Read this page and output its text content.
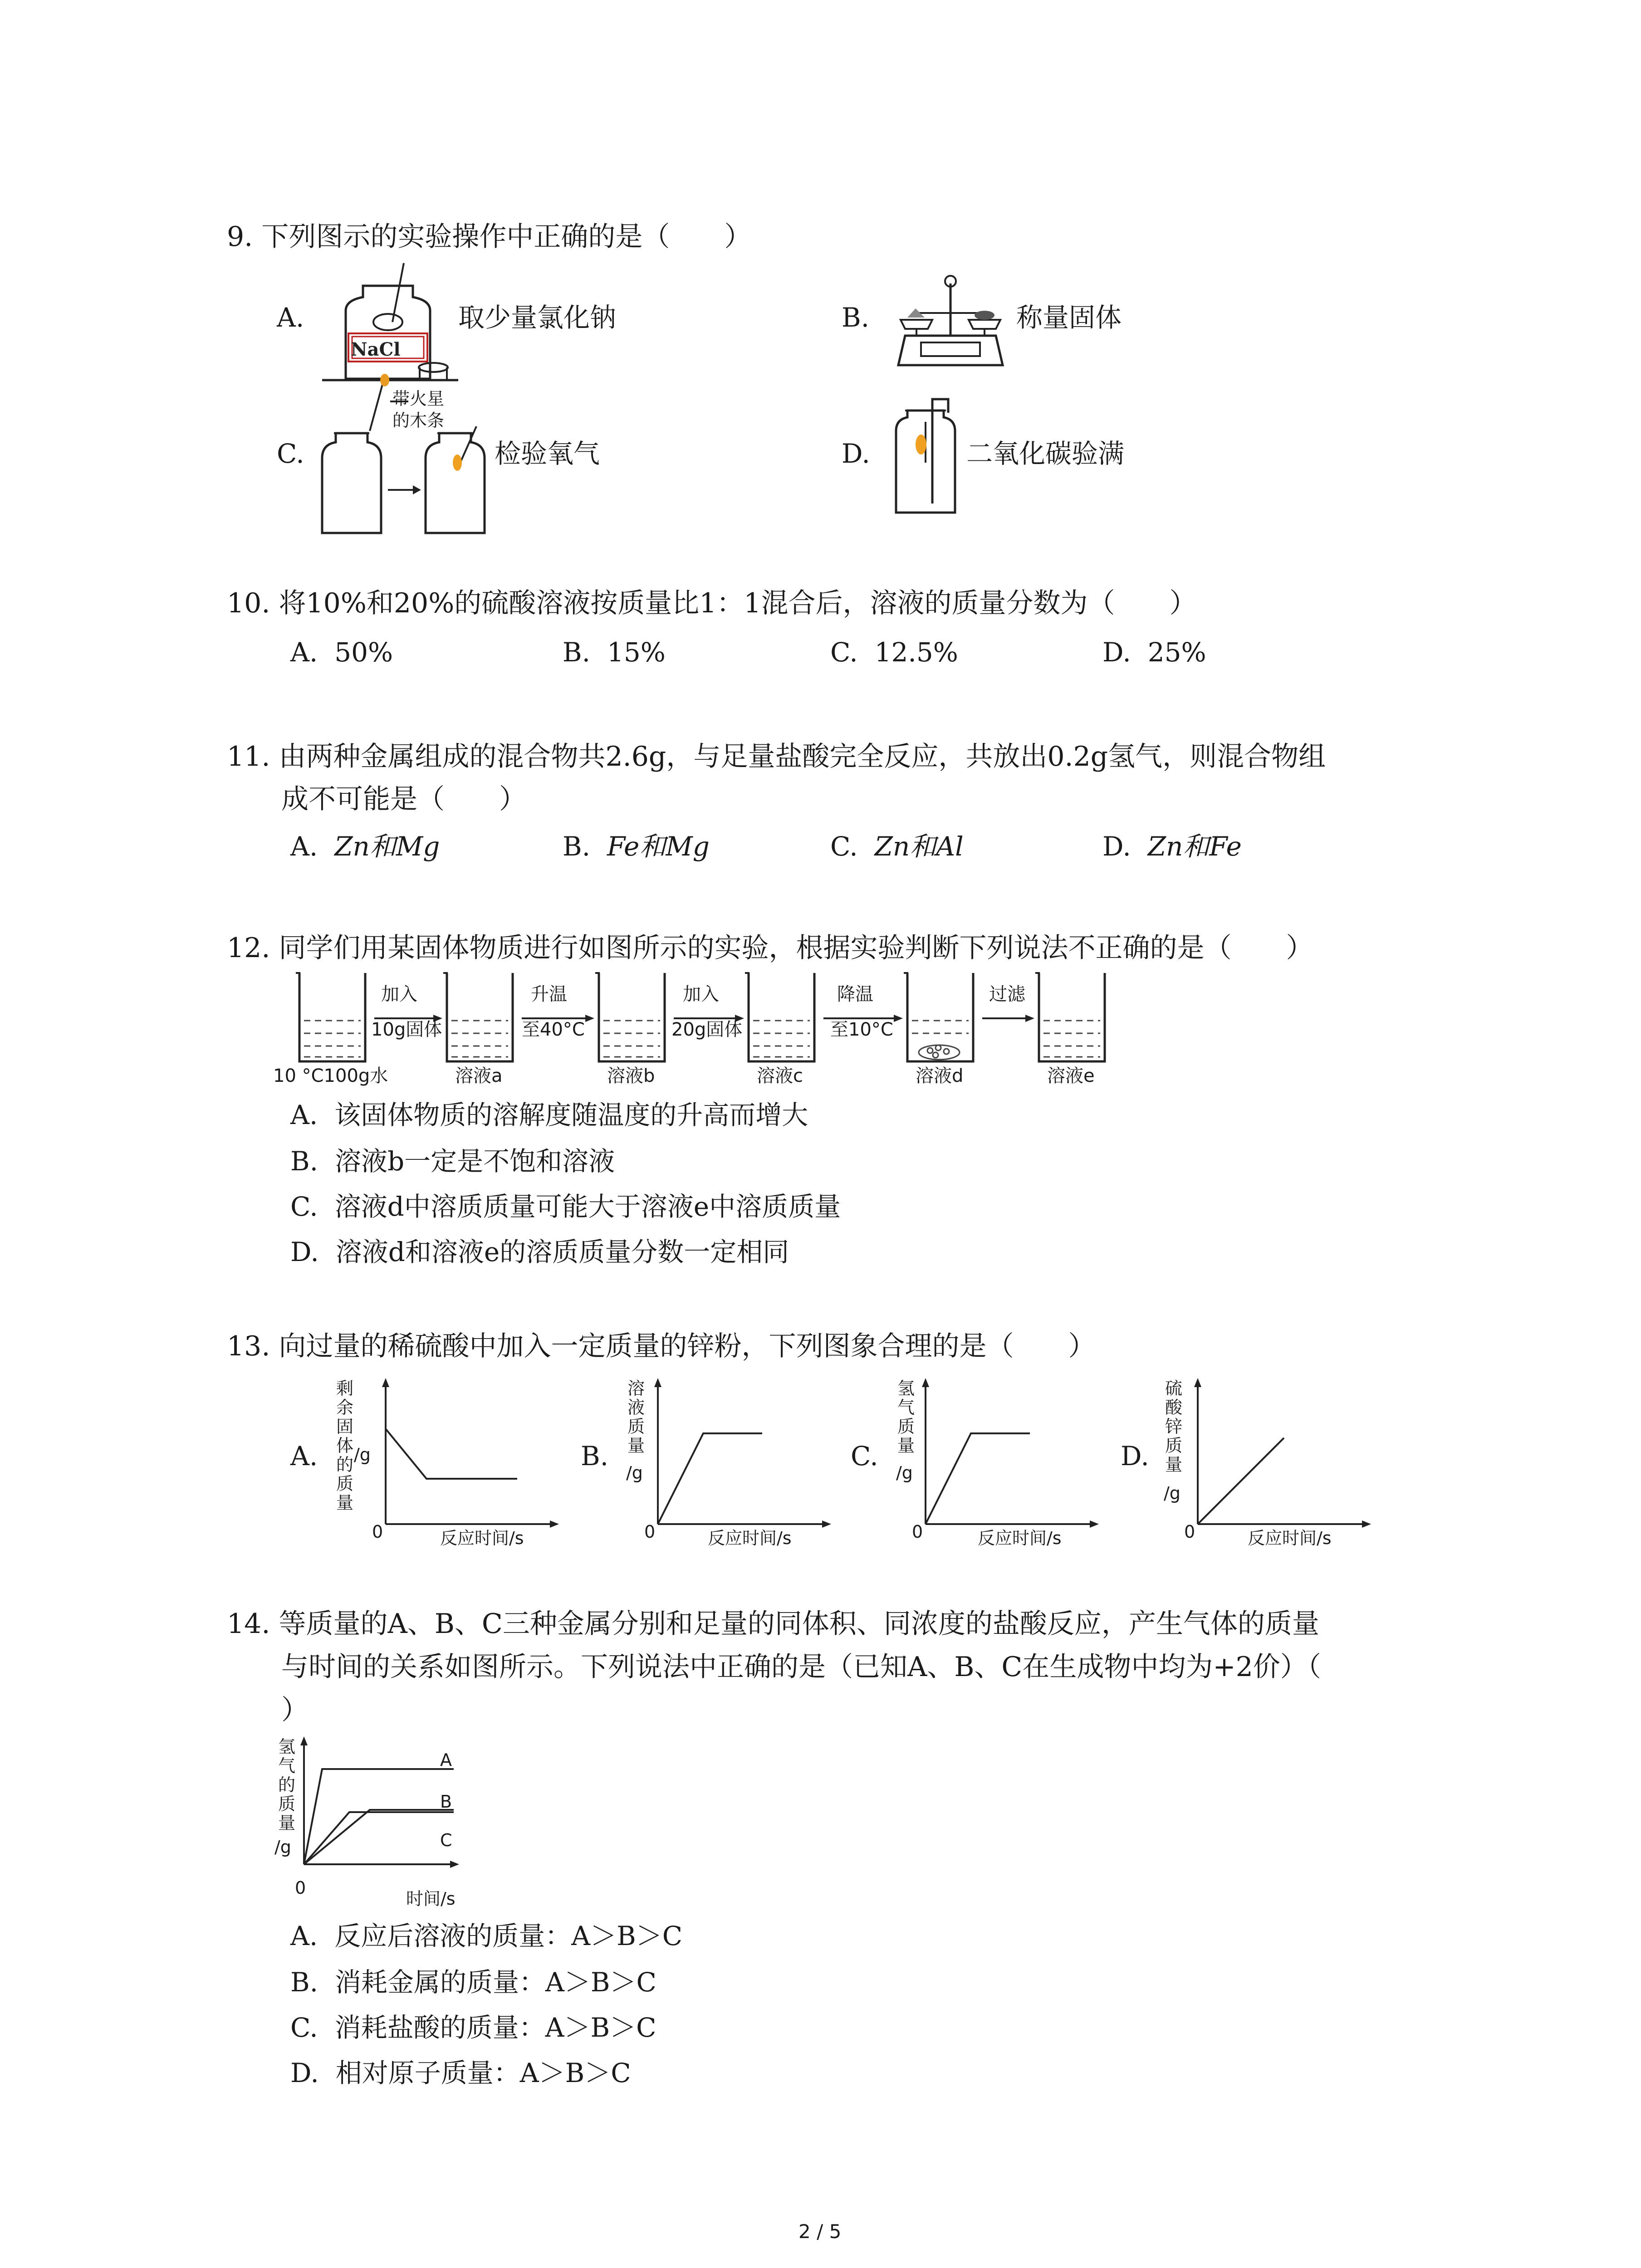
9. 下列图示的实验操作中正确的是（　　）
A.
NaCl
取少量氯化钠	B.	称量固体
带火星
的木条
C.	检验氧气	D.	二氧化碳验满
10. 将10%和20%的硫酸溶液按质量比1：1混合后，溶液的质量分数为（　　）
A. 50%	B. 15%	C. 12.5%	D. 25%
11. 由两种金属组成的混合物共2.6g，与足量盐酸完全反应，共放出0.2g氢气，则混合物组
成不可能是（　　）
A. Zn和Mg	B. Fe和Mg	C. Zn和Al	D. Zn和Fe
12. 同学们用某固体物质进行如图所示的实验，根据实验判断下列说法不正确的是（　　）
加入
10g固体
升温
至40°C
加入
20g固体
降温
至10°C
过滤
10 °C100g水	溶液a	溶液b	溶液c	溶液d	溶液e
A. 该固体物质的溶解度随温度的升高而增大
B. 溶液b一定是不饱和溶液
C. 溶液d中溶质质量可能大于溶液e中溶质质量
D. 溶液d和溶液e的溶质质量分数一定相同
13. 向过量的稀硫酸中加入一定质量的锌粉，下列图象合理的是（　　）
A.
剩余固体的质量
/g
0	反应时间/s
B.
溶液质量
/g
0	反应时间/s
C.
氢气质量
/g
0	反应时间/s
D.
硫酸锌质量
/g
0	反应时间/s
14. 等质量的A、B、C三种金属分别和足量的同体积、同浓度的盐酸反应，产生气体的质量
与时间的关系如图所示。下列说法中正确的是（已知A、B、C在生成物中均为+2价）（
）
氢气的质量
/g
A
B
C
0
时间/s
A. 反应后溶液的质量：A＞B＞C
B. 消耗金属的质量：A＞B＞C
C. 消耗盐酸的质量：A＞B＞C
D. 相对原子质量：A＞B＞C
2 / 5
